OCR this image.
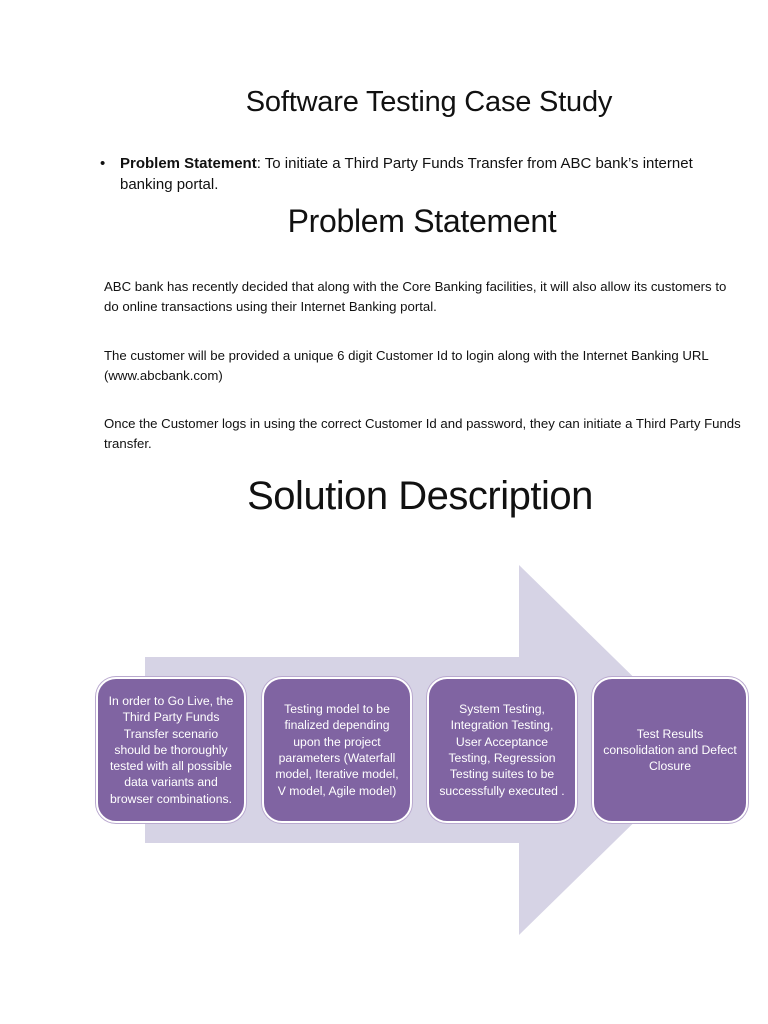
Software Testing Case Study
• Problem Statement: To initiate a Third Party Funds Transfer from ABC bank’s internet banking portal.
Problem Statement
ABC bank has recently decided that along with the Core Banking facilities, it will also allow its customers to do online transactions using their Internet Banking portal.
The customer will be provided a unique 6 digit Customer Id to login along with the Internet Banking URL (www.abcbank.com)
Once the Customer logs in using the correct Customer Id and password, they can initiate a Third Party Funds transfer.
Solution Description
In order to Go Live, the Third Party Funds Transfer scenario should be thoroughly tested with all possible data variants and browser combinations.
Testing model to be finalized depending upon the project parameters (Waterfall model, Iterative model, V model, Agile model)
System Testing, Integration Testing, User Acceptance Testing, Regression Testing suites to be successfully executed .
Test Results consolidation and Defect Closure
